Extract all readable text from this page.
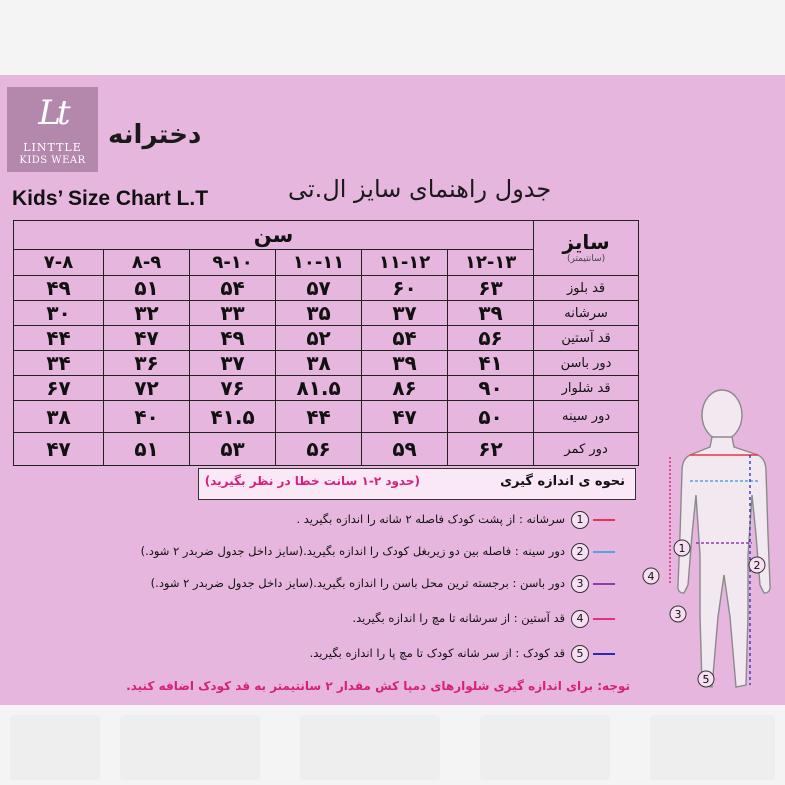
Lt
LINTTLE
KIDS WEAR
دخترانه
جدول راهنمای سایز ال.تی
Kids’ Size Chart L.T
سایز
(سانتیمتر)	سن					
	۱۲-۱۳	۱۱-۱۲	۱۰-۱۱	۹-۱۰	۸-۹	۷-۸
قد بلوز	۶۳	۶۰	۵۷	۵۴	۵۱	۴۹
سرشانه	۳۹	۳۷	۳۵	۳۳	۳۲	۳۰
قد آستین	۵۶	۵۴	۵۲	۴۹	۴۷	۴۴
دور باسن	۴۱	۳۹	۳۸	۳۷	۳۶	۳۴
قد شلوار	۹۰	۸۶	۸۱.۵	۷۶	۷۲	۶۷
دور سینه	۵۰	۴۷	۴۴	۴۱.۵	۴۰	۳۸
دور کمر	۶۲	۵۹	۵۶	۵۳	۵۱	۴۷
نحوه ی اندازه گیری
(حدود ۲-۱ سانت خطا در نظر بگیرید)
1
سرشانه : از پشت کودک فاصله ۲ شانه را اندازه بگیرید .
2
دور سینه : فاصله بین دو زیربغل کودک را اندازه بگیرید.(سایز داخل جدول ضربدر ۲ شود.)
3
دور باسن : برجسته ترین محل باسن را اندازه بگیرید.(سایز داخل جدول ضربدر ۲ شود.)
4
قد آستین : از سرشانه تا مچ را اندازه بگیرید.
5
قد کودک : از سر شانه کودک تا مچ پا را اندازه بگیرید.
توجه: برای اندازه گیری شلوارهای دمپا کش مقدار ۲ سانتیمتر به قد کودک اضافه کنید.
1
2
3
4
5
